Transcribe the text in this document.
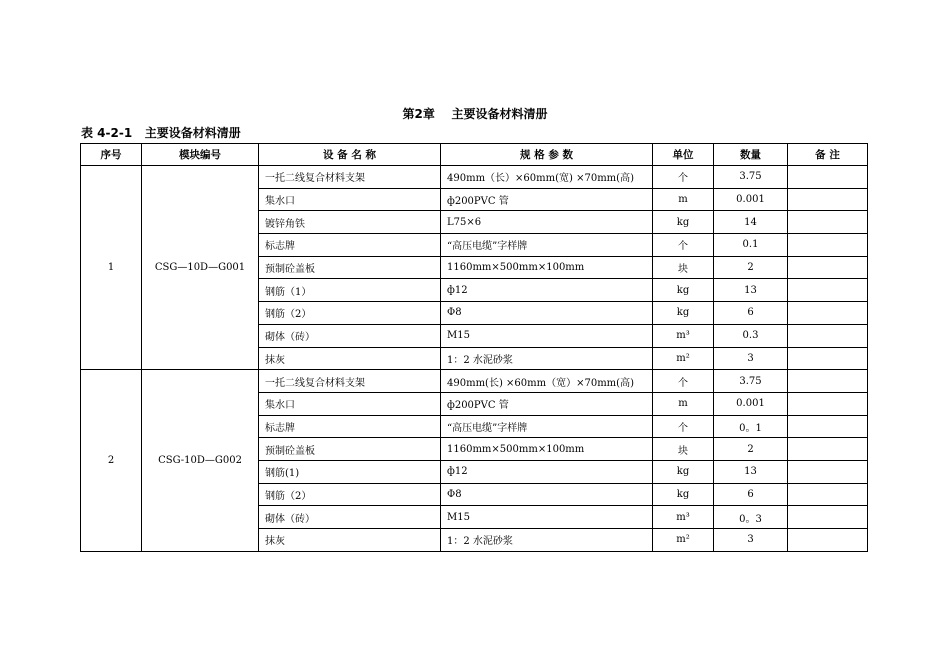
第2章    主要设备材料清册
表 4-2-1   主要设备材料清册
序号	模块编号	设 备 名 称	规 格 参 数	单位	数量	备 注
1	CSG—10D—G001	一托二线复合材料支架	490mm（长）×60mm(宽) ×70mm(高)	个	3.75	
		集水口	ф200PVC 管	m	0.001	
		镀锌角铁	L75×6	kg	14	
		标志牌	“高压电缆”字样牌	个	0.1	
		预制砼盖板	1160mm×500mm×100mm	块	2	
		钢筋（1）	ф12	kg	13	
		钢筋（2）	Φ8	kg	6	
		砌体（砖）	M15	m³	0.3	
		抹灰	1：2 水泥砂浆	m²	3	
2	CSG-10D—G002	一托二线复合材料支架	490mm(长) ×60mm（宽）×70mm(高)	个	3.75	
		集水口	ф200PVC 管	m	0.001	
		标志牌	“高压电缆”字样牌	个	0。1	
		预制砼盖板	1160mm×500mm×100mm	块	2	
		钢筋(1)	ф12	kg	13	
		钢筋（2）	Φ8	kg	6	
		砌体（砖）	M15	m³	0。3	
		抹灰	1：2 水泥砂浆	m²	3	
